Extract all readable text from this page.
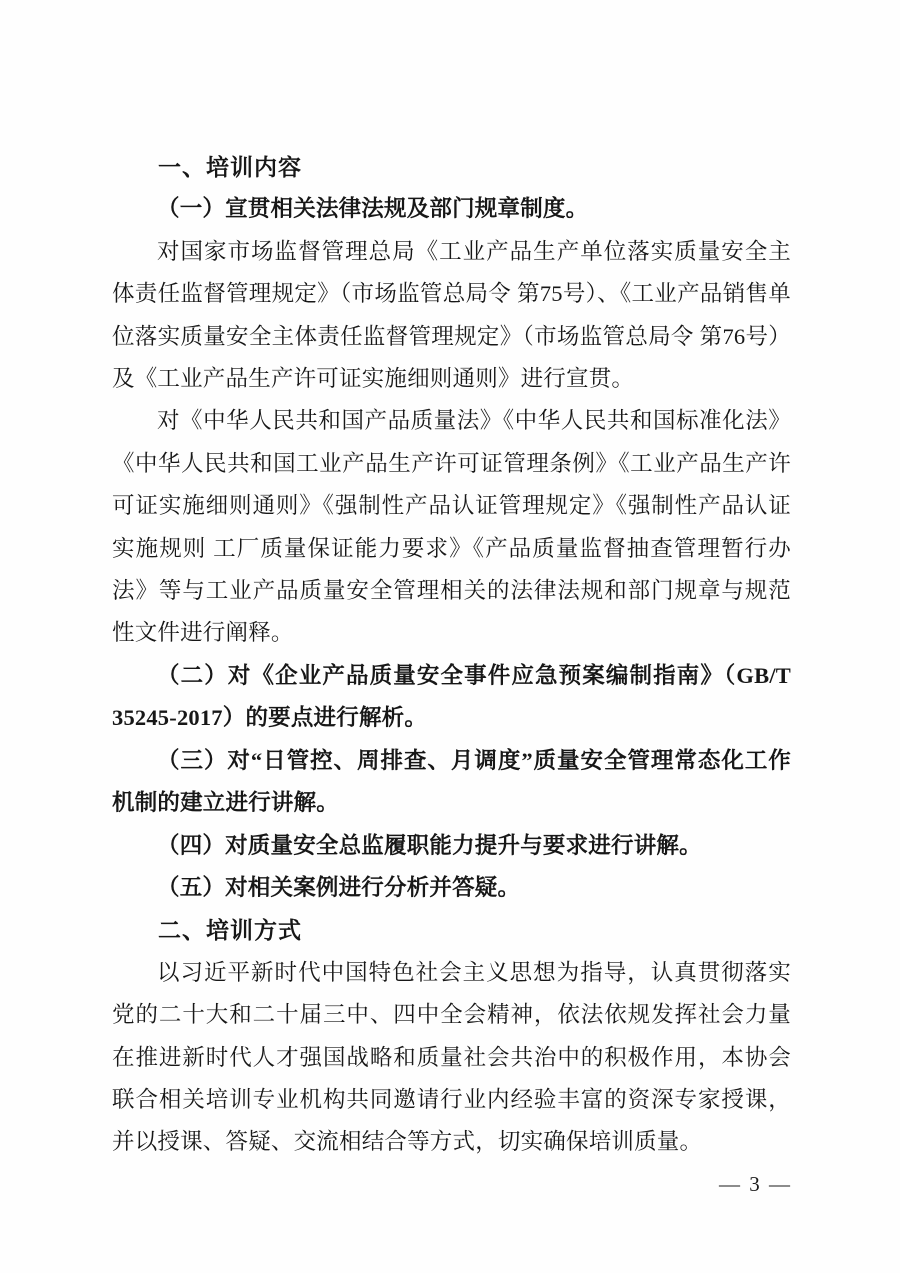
一、培训内容

（一）宣贯相关法律法规及部门规章制度。

对国家市场监督管理总局《工业产品生产单位落实质量安全主体责任监督管理规定》（市场监管总局令 第75号）、《工业产品销售单位落实质量安全主体责任监督管理规定》（市场监管总局令 第76号）及《工业产品生产许可证实施细则通则》进行宣贯。

对《中华人民共和国产品质量法》《中华人民共和国标准化法》《中华人民共和国工业产品生产许可证管理条例》《工业产品生产许可证实施细则通则》《强制性产品认证管理规定》《强制性产品认证实施规则 工厂质量保证能力要求》《产品质量监督抽查管理暂行办法》等与工业产品质量安全管理相关的法律法规和部门规章与规范性文件进行阐释。

（二）对《企业产品质量安全事件应急预案编制指南》（GB/T 35245-2017）的要点进行解析。

（三）对“日管控、周排查、月调度”质量安全管理常态化工作机制的建立进行讲解。

（四）对质量安全总监履职能力提升与要求进行讲解。

（五）对相关案例进行分析并答疑。

二、培训方式

以习近平新时代中国特色社会主义思想为指导，认真贯彻落实党的二十大和二十届三中、四中全会精神，依法依规发挥社会力量在推进新时代人才强国战略和质量社会共治中的积极作用，本协会联合相关培训专业机构共同邀请行业内经验丰富的资深专家授课，并以授课、答疑、交流相结合等方式，切实确保培训质量。

— 3 —
